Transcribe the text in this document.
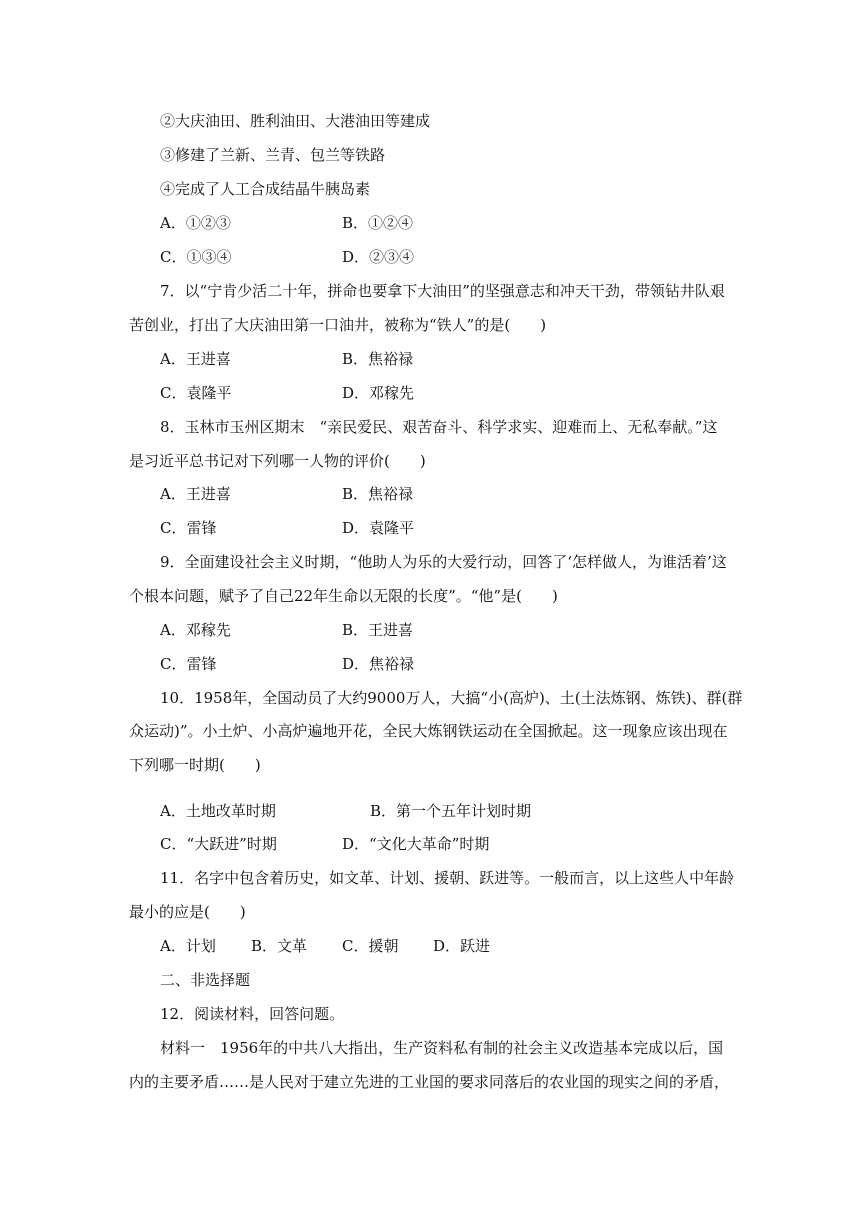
②大庆油田、胜利油田、大港油田等建成
③修建了兰新、兰青、包兰等铁路
④完成了人工合成结晶牛胰岛素
A．①②③	B．①②④
C．①③④	D．②③④
7．以“宁肯少活二十年，拼命也要拿下大油田”的坚强意志和冲天干劲，带领钻井队艰
苦创业，打出了大庆油田第一口油井，被称为“铁人”的是(　　)
A．王进喜	B．焦裕禄
C．袁隆平	D．邓稼先
8．玉林市玉州区期末　“亲民爱民、艰苦奋斗、科学求实、迎难而上、无私奉献。”这
是习近平总书记对下列哪一人物的评价(　　)
A．王进喜	B．焦裕禄
C．雷锋	D．袁隆平
9．全面建设社会主义时期，“他助人为乐的大爱行动，回答了‘怎样做人，为谁活着’这
个根本问题，赋予了自己22年生命以无限的长度”。“他”是(　　)
A．邓稼先	B．王进喜
C．雷锋	D．焦裕禄
10．1958年，全国动员了大约9000万人，大搞“小(高炉)、土(土法炼钢、炼铁)、群(群
众运动)”。小土炉、小高炉遍地开花，全民大炼钢铁运动在全国掀起。这一现象应该出现在
下列哪一时期(　　)
A．土地改革时期	B．第一个五年计划时期
C．“大跃进”时期	D．“文化大革命”时期
11．名字中包含着历史，如文革、计划、援朝、跃进等。一般而言，以上这些人中年龄
最小的应是(　　)
A．计划 B．文革 C．援朝 D．跃进
二、非选择题
12．阅读材料，回答问题。
材料一　1956年的中共八大指出，生产资料私有制的社会主义改造基本完成以后，国
内的主要矛盾……是人民对于建立先进的工业国的要求同落后的农业国的现实之间的矛盾，
